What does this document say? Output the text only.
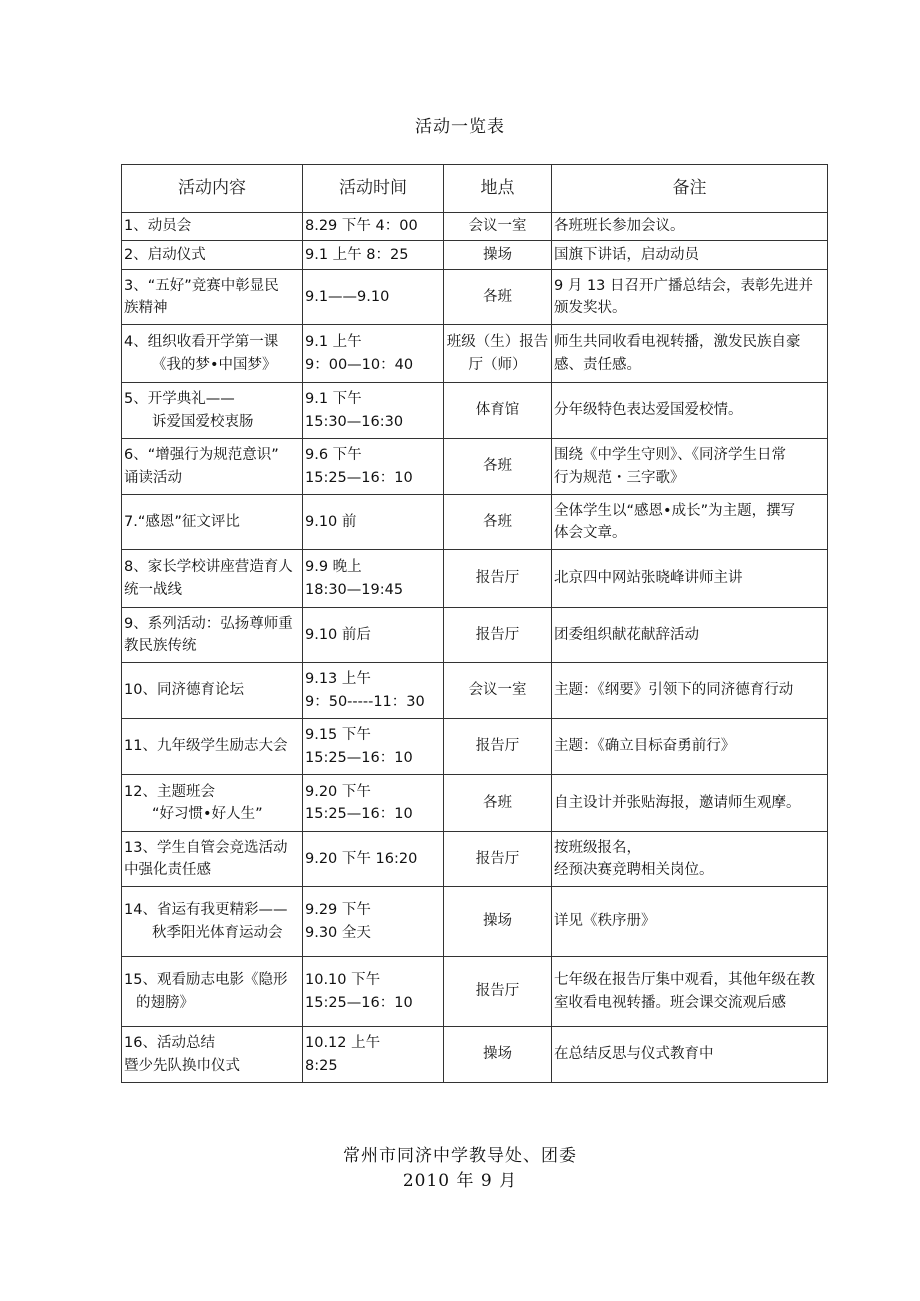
活动一览表
活动内容	活动时间	地点	备注

1、动员会	8.29 下午 4：00	会议一室	各班班长参加会议。

2、启动仪式	9.1 上午 8：25	操场	国旗下讲话，启动动员

3、“五好”竞赛中彰显民
族精神	9.1——9.10	各班	9 月 13 日召开广播总结会，表彰先进并
颁发奖状。

4、组织收看开学第一课
《我的梦•中国梦》	9.1 上午
9：00—10：40	班级（生）报告
厅（师）	师生共同收看电视转播，激发民族自豪
感、责任感。

5、开学典礼——
诉爱国爱校衷肠	9.1 下午
15:30—16:30	体育馆	分年级特色表达爱国爱校情。

6、“增强行为规范意识”
诵读活动	9.6 下午
15:25—16：10	各班	围绕《中学生守则》、《同济学生日常
行为规范・三字歌》

7.“感恩”征文评比	9.10 前	各班	全体学生以“感恩•成长”为主题，撰写
体会文章。

8、家长学校讲座营造育人
统一战线	9.9 晚上
18:30—19:45	报告厅	北京四中网站张晓峰讲师主讲

9、系列活动：弘扬尊师重
教民族传统	9.10 前后	报告厅	团委组织献花献辞活动

10、同济德育论坛	9.13 上午
9：50-----11：30	会议一室	主题：《纲要》引领下的同济德育行动

11、九年级学生励志大会	9.15 下午
15:25—16：10	报告厅	主题：《确立目标奋勇前行》

12、主题班会
“好习惯•好人生”	9.20 下午
15:25—16：10	各班	自主设计并张贴海报，邀请师生观摩。

13、学生自管会竞选活动
中强化责任感	9.20 下午 16:20	报告厅	按班级报名，
经预决赛竞聘相关岗位。

14、省运有我更精彩——
秋季阳光体育运动会	9.29 下午
9.30 全天	操场	详见《秩序册》

15、观看励志电影《隐形
的翅膀》	10.10 下午
15:25—16：10	报告厅	七年级在报告厅集中观看，其他年级在教
室收看电视转播。班会课交流观后感

16、活动总结
暨少先队换巾仪式	10.12 上午
8:25	操场	在总结反思与仪式教育中
常州市同济中学教导处、团委
2010 年 9 月
